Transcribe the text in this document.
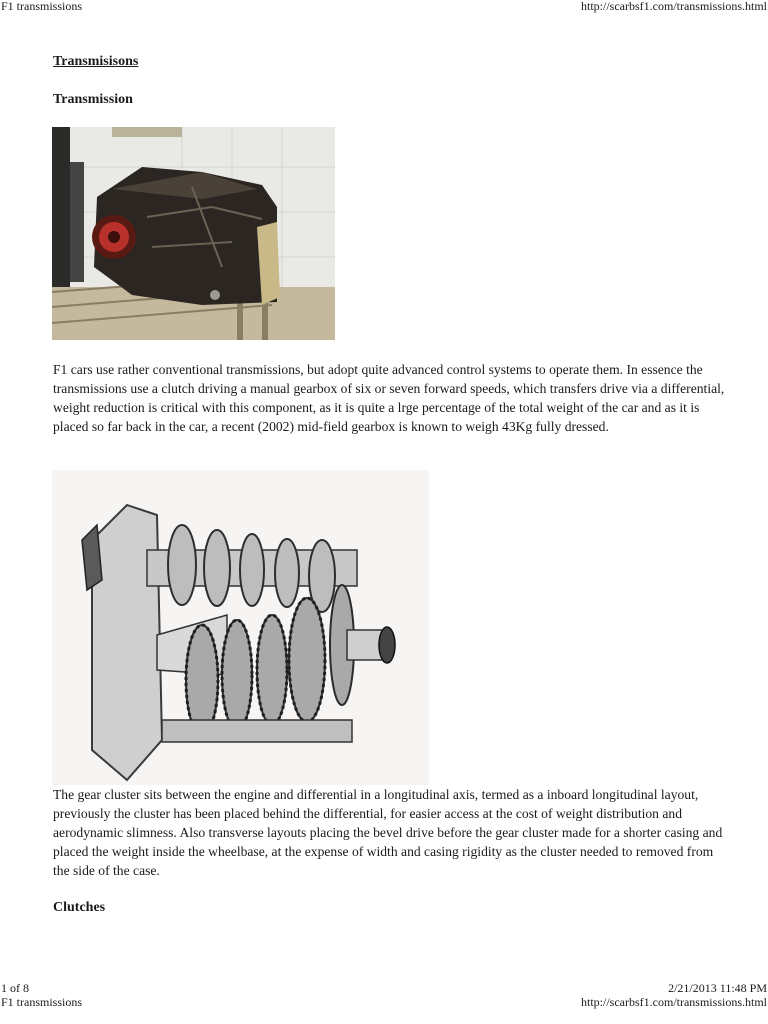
F1 transmissions	http://scarbsf1.com/transmissions.html
Transmisisons
Transmission

F1 cars use rather conventional transmissions, but adopt quite advanced control systems to operate them. In essence the transmissions use a clutch driving a manual gearbox of six or seven forward speeds, which transfers drive via a differential, weight reduction is critical with this component, as it is quite a lrge percentage of the total weight of the car and as it is placed so far back in the car, a recent (2002) mid-field gearbox is known to weigh 43Kg fully dressed.

The gear cluster sits between the engine and differential in a longitudinal axis, termed as a inboard longitudinal layout, previously the cluster has been placed behind the differential, for easier access at the cost of weight distribution and aerodynamic slimness. Also transverse layouts placing the bevel drive before the gear cluster made for a shorter casing and placed the weight inside the wheelbase, at the expense of width and casing rigidity as the cluster needed to removed from the side of the case.

Clutches
1 of 8	2/21/2013 11:48 PM
F1 transmissions	http://scarbsf1.com/transmissions.html
